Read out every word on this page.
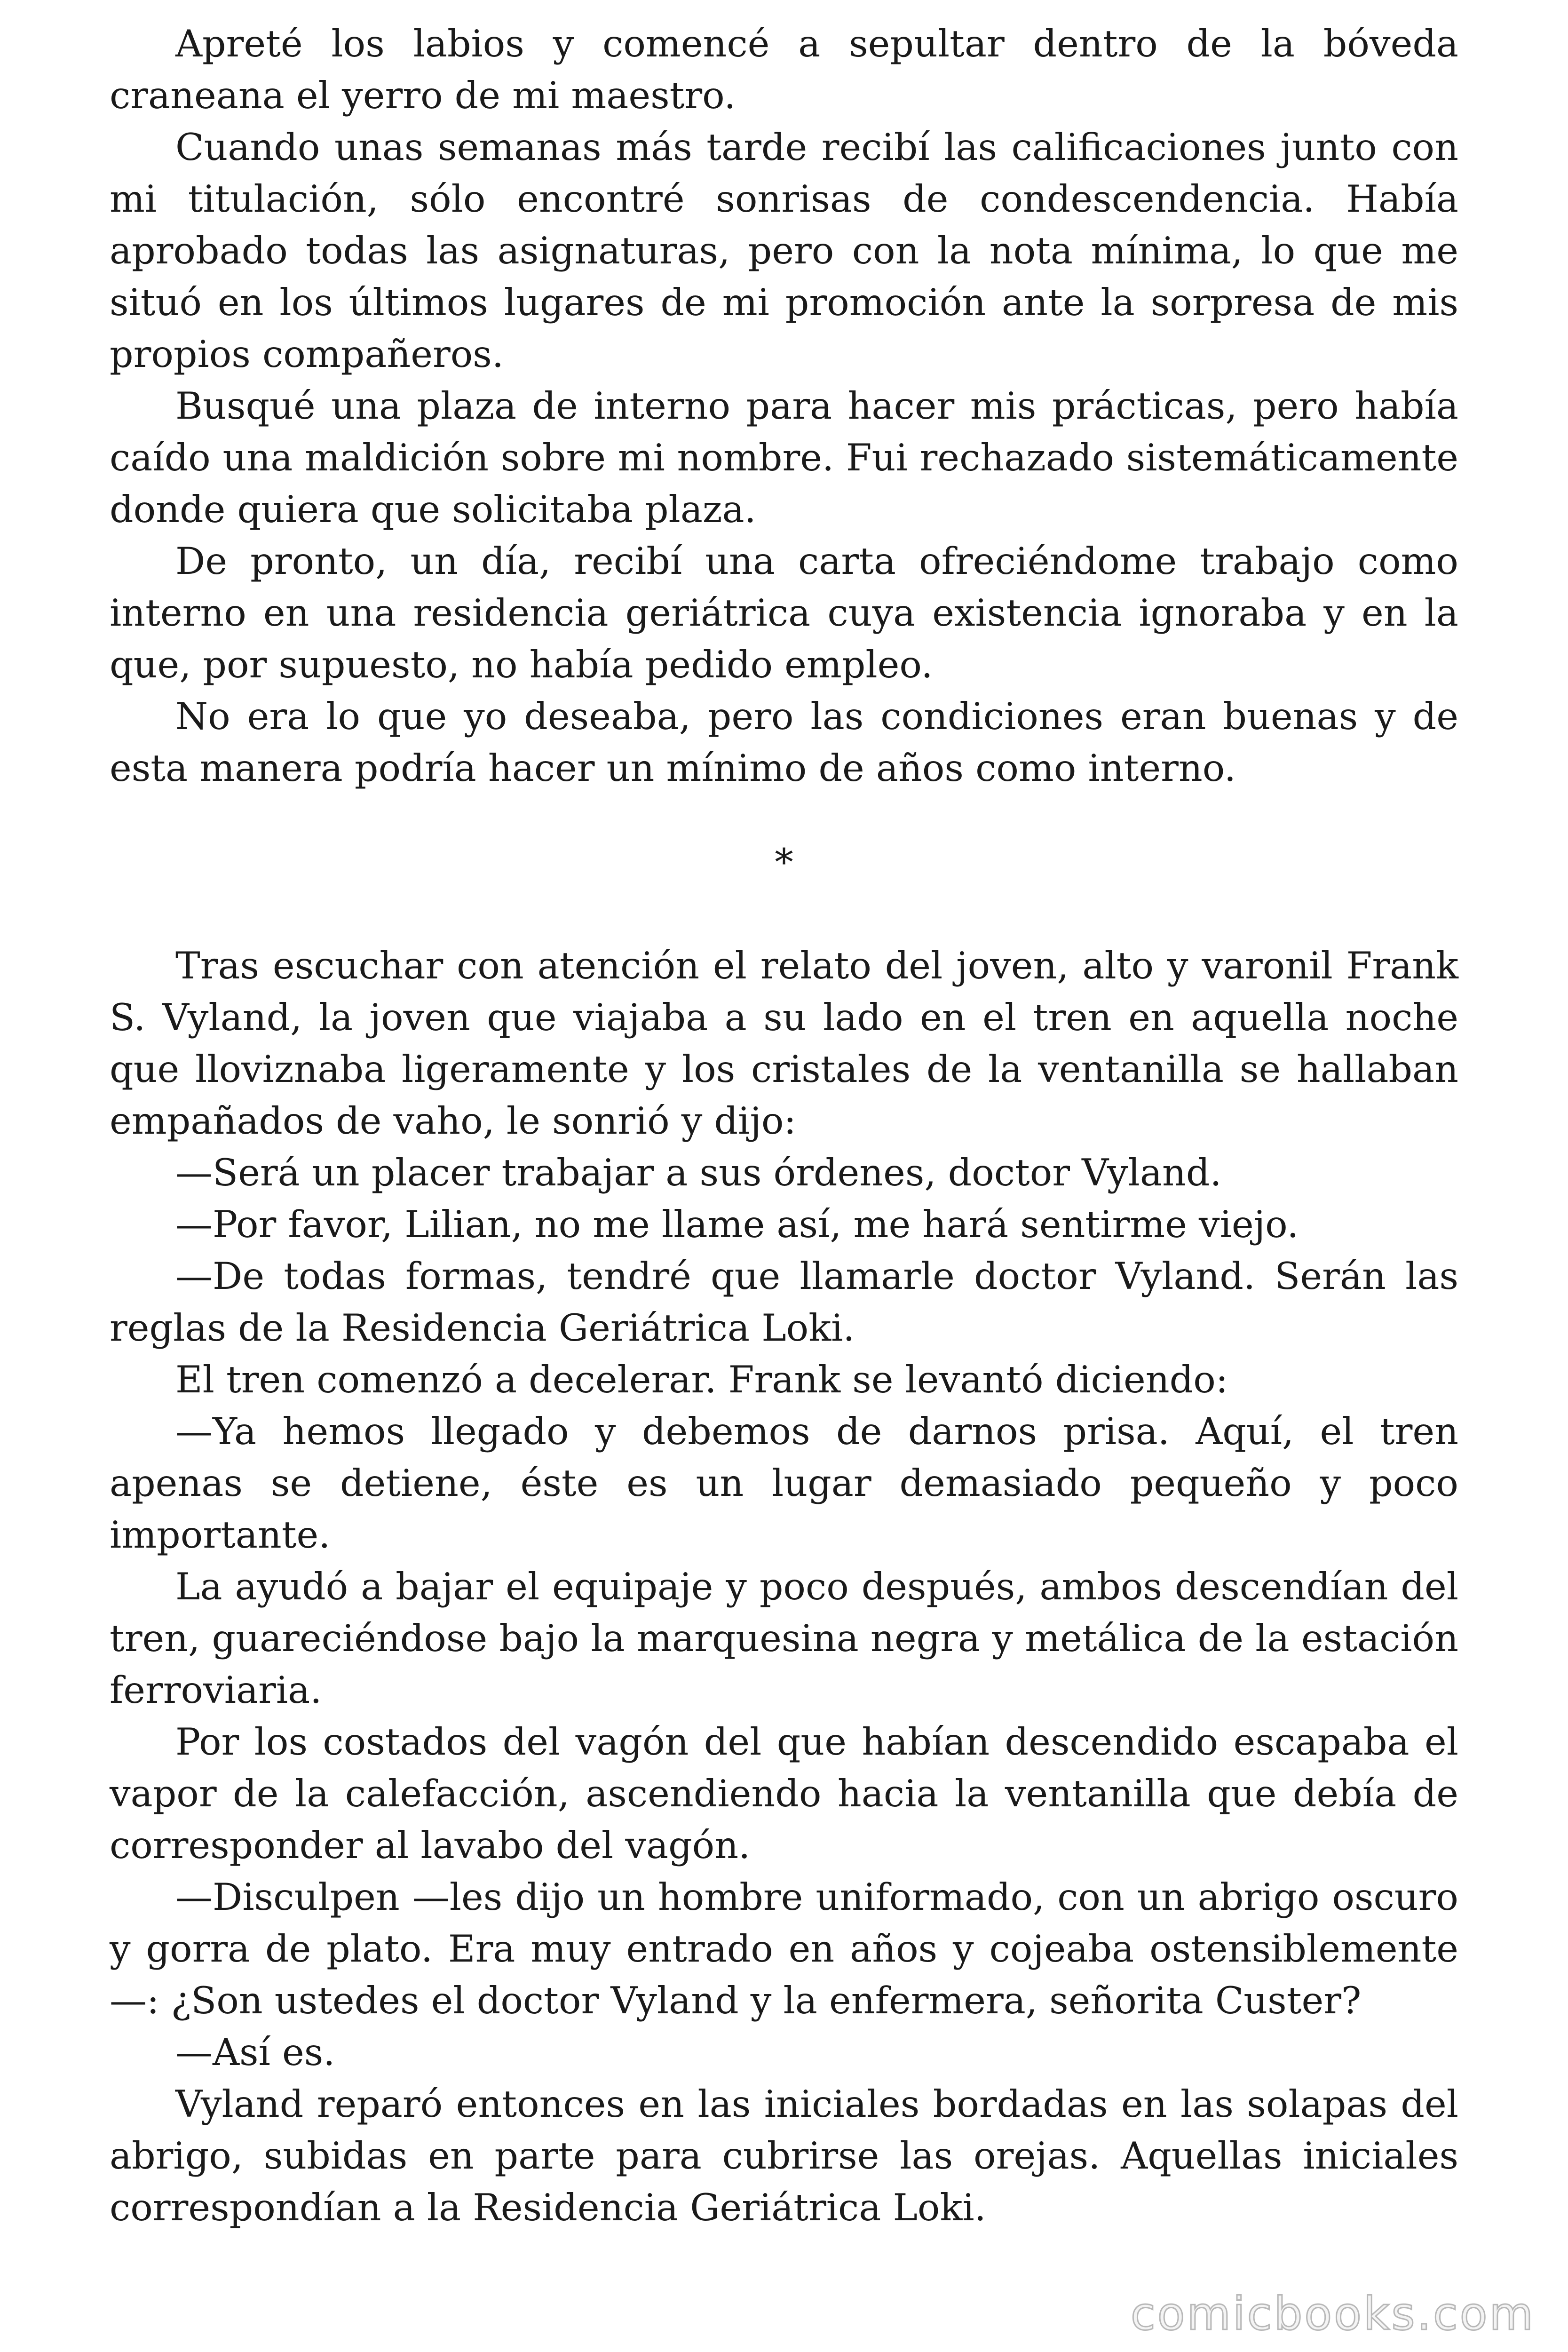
Apreté los labios y comencé a sepultar dentro de la bóveda craneana el yerro de mi maestro.

Cuando unas semanas más tarde recibí las calificaciones junto con mi titulación, sólo encontré sonrisas de condescendencia. Había aprobado todas las asignaturas, pero con la nota mínima, lo que me situó en los últimos lugares de mi promoción ante la sorpresa de mis propios compañeros.

Busqué una plaza de interno para hacer mis prácticas, pero había caído una maldición sobre mi nombre. Fui rechazado sistemáticamente donde quiera que solicitaba plaza.

De pronto, un día, recibí una carta ofreciéndome trabajo como interno en una residencia geriátrica cuya existencia ignoraba y en la que, por supuesto, no había pedido empleo.

No era lo que yo deseaba, pero las condiciones eran buenas y de esta manera podría hacer un mínimo de años como interno.

*

Tras escuchar con atención el relato del joven, alto y varonil Frank S. Vyland, la joven que viajaba a su lado en el tren en aquella noche que lloviznaba ligeramente y los cristales de la ventanilla se hallaban empañados de vaho, le sonrió y dijo:

—Será un placer trabajar a sus órdenes, doctor Vyland.

—Por favor, Lilian, no me llame así, me hará sentirme viejo.

—De todas formas, tendré que llamarle doctor Vyland. Serán las reglas de la Residencia Geriátrica Loki.

El tren comenzó a decelerar. Frank se levantó diciendo:

—Ya hemos llegado y debemos de darnos prisa. Aquí, el tren apenas se detiene, éste es un lugar demasiado pequeño y poco importante.

La ayudó a bajar el equipaje y poco después, ambos descendían del tren, guareciéndose bajo la marquesina negra y metálica de la estación ferroviaria.

Por los costados del vagón del que habían descendido escapaba el vapor de la calefacción, ascendiendo hacia la ventanilla que debía de corresponder al lavabo del vagón.

—Disculpen —les dijo un hombre uniformado, con un abrigo oscuro y gorra de plato. Era muy entrado en años y cojeaba ostensiblemente—: ¿Son ustedes el doctor Vyland y la enfermera, señorita Custer?

—Así es.

Vyland reparó entonces en las iniciales bordadas en las solapas del abrigo, subidas en parte para cubrirse las orejas. Aquellas iniciales correspondían a la Residencia Geriátrica Loki.

comicbooks.com
